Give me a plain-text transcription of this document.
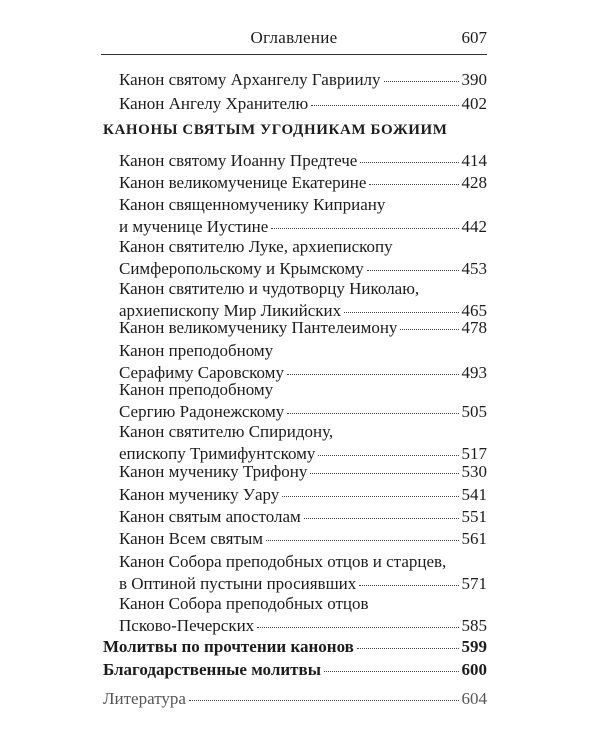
Оглавление	607
Канон святому Архангелу Гавриилу	390
Канон Ангелу Хранителю	402
КАНОНЫ СВЯТЫМ УГОДНИКАМ БОЖИИМ
Канон святому Иоанну Предтече	414
Канон великомученице Екатерине	428
Канон священномученику Киприану
и мученице Иустине	442
Канон святителю Луке, архиепископу
Симферопольскому и Крымскому	453
Канон святителю и чудотворцу Николаю,
архиепископу Мир Ликийских	465
Канон великомученику Пантелеимону	478
Канон преподобному
Серафиму Саровскому	493
Канон преподобному
Сергию Радонежскому	505
Канон святителю Спиридону,
епископу Тримифунтскому	517
Канон мученику Трифону	530
Канон мученику Уару	541
Канон святым апостолам	551
Канон Всем святым	561
Канон Собора преподобных отцов и старцев,
в Оптиной пустыни просиявших	571
Канон Собора преподобных отцов
Псково-Печерских	585
Молитвы по прочтении канонов	599
Благодарственные молитвы	600
Литература	604
